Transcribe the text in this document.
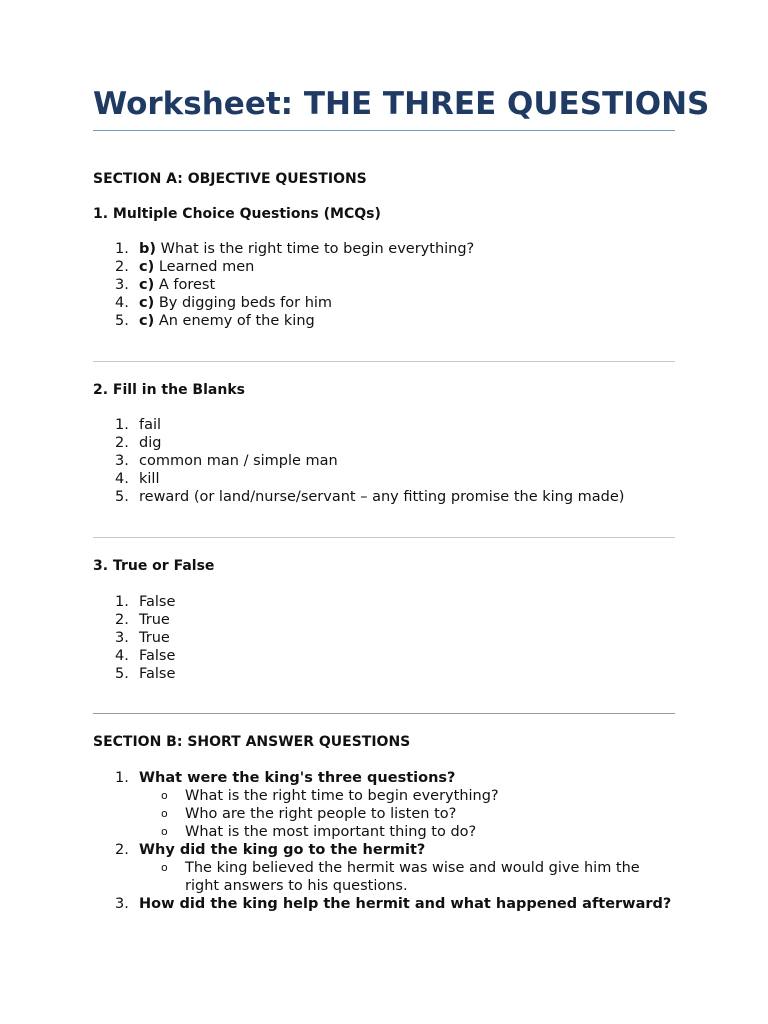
Worksheet: THE THREE QUESTIONS
SECTION A: OBJECTIVE QUESTIONS
1. Multiple Choice Questions (MCQs)
1. b) What is the right time to begin everything?
2. c) Learned men
3. c) A forest
4. c) By digging beds for him
5. c) An enemy of the king
2. Fill in the Blanks
1. fail
2. dig
3. common man / simple man
4. kill
5. reward (or land/nurse/servant – any fitting promise the king made)
3. True or False
1. False
2. True
3. True
4. False
5. False
SECTION B: SHORT ANSWER QUESTIONS
1. What were the king's three questions?
o What is the right time to begin everything?
o Who are the right people to listen to?
o What is the most important thing to do?
2. Why did the king go to the hermit?
o The king believed the hermit was wise and would give him the right answers to his questions.
3. How did the king help the hermit and what happened afterward?
